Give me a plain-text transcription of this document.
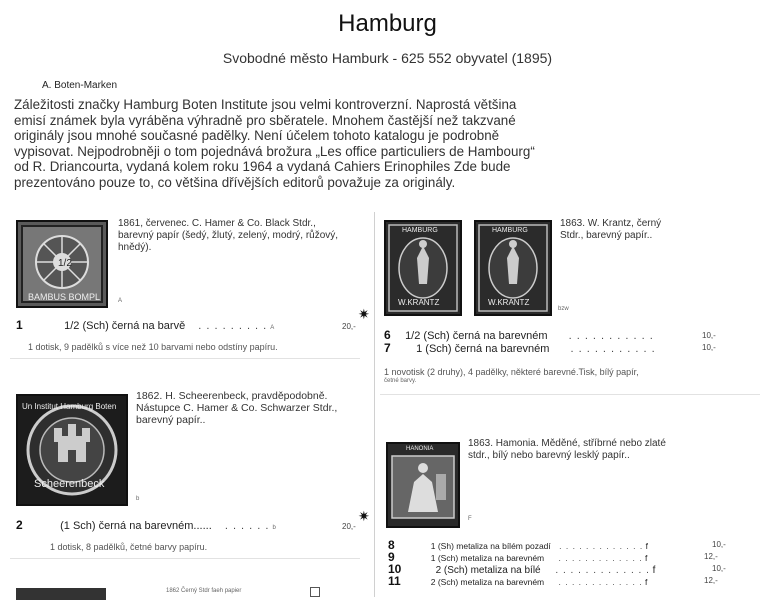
Hamburg
Svobodné město Hamburk - 625 552 obyvatel (1895)
A. Boten-Marken
Záležitosti značky Hamburg Boten Institute jsou velmi kontroverzní. Naprostá většina
emisí známek byla vyráběna výhradně pro sběratele. Mnohem častější než takzvané
originály jsou mnohé současné padělky. Není účelem tohoto katalogu je podrobně
vypisovat. Nejpodrobněji o tom pojednává brožura „Les office particuliers de Hambourg“
od R. Driancourta, vydaná kolem roku 1964 a vydaná Cahiers Erinophiles Zde bude
prezentováno pouze to, co většina dřívějších editorů považuje za originály.
1/2
BAMBUS BOMPL
1861, červenec. C. Hamer & Co. Black Stdr.,
barevný papír (šedý, žlutý, zelený, modrý, růžový,
hnědý).
A
✷
1	1/2 (Sch) černá na barvě . . . . . . . . . A	20,-
1 dotisk, 9 padělků s více než 10 barvami nebo odstíny papíru.
Un Institut Hamburg Boten
Scheerenbeck
1862. H. Scheerenbeck, pravděpodobně.
Nástupce C. Hamer & Co. Schwarzer Stdr.,
barevný papír..
b
✷
2	(1 Sch) černá na barevném...... . . . . . . b	20,-
1 dotisk, 8 padělků, četné barvy papíru.
1862 Černý Stdr faeh papier
HAMBURG
W.KRANTZ
HAMBURG
W.KRANTZ
1863. W. Krantz, černý
Stdr., barevný papír..
bzw
6 1/2 (Sch) černá na barevném . . . . . . . . . . .	10,-
7 1 (Sch) černá na barevném . . . . . . . . . . .	10,-
1 novotisk (2 druhy), 4 padělky, některé barevné.Tisk, bílý papír,
četné barvy.
HANONIA	1863. Hamonia. Měděné, stříbrné nebo zlaté
stdr., bílý nebo barevný lesklý papír..
F
8	1 (Sh) metaliza na bílém pozadí . . . . . . . . . . . . . f	10,-
9	1 (Sch) metaliza na barevném . . . . . . . . . . . . . f	12,-
10	2 (Sch) metaliza na bílé . . . . . . . . . . . . . f	10,-
11	2 (Sch) metaliza na barevném . . . . . . . . . . . . . f	12,-
